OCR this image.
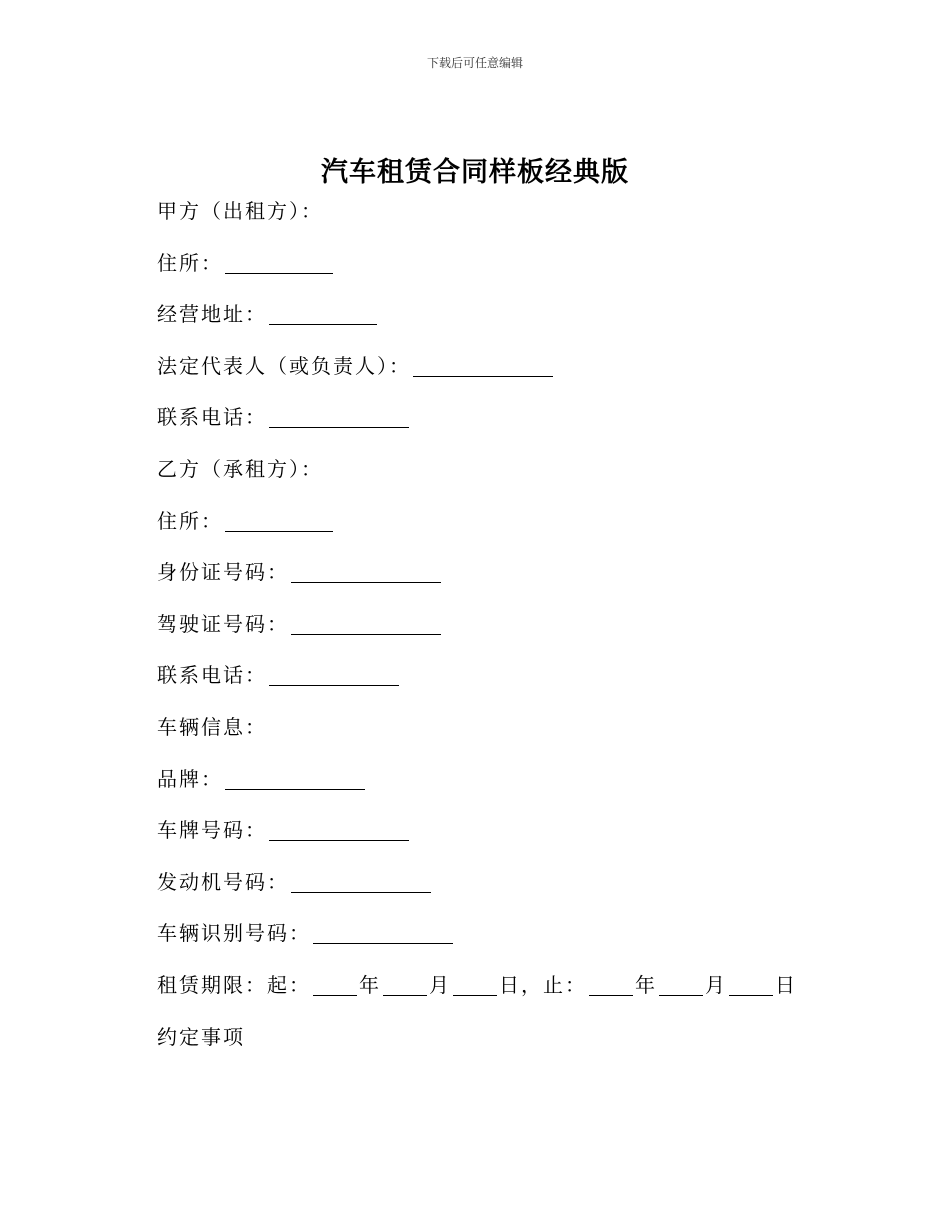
下载后可任意编辑
汽车租赁合同样板经典版
甲方（出租方）：
住所：
经营地址：
法定代表人（或负责人）：
联系电话：
乙方（承租方）：
住所：
身份证号码：
驾驶证号码：
联系电话：
车辆信息：
品牌：
车牌号码：
发动机号码：
车辆识别号码：
租赁期限：起： 年 月 日，止： 年 月 日
约定事项
